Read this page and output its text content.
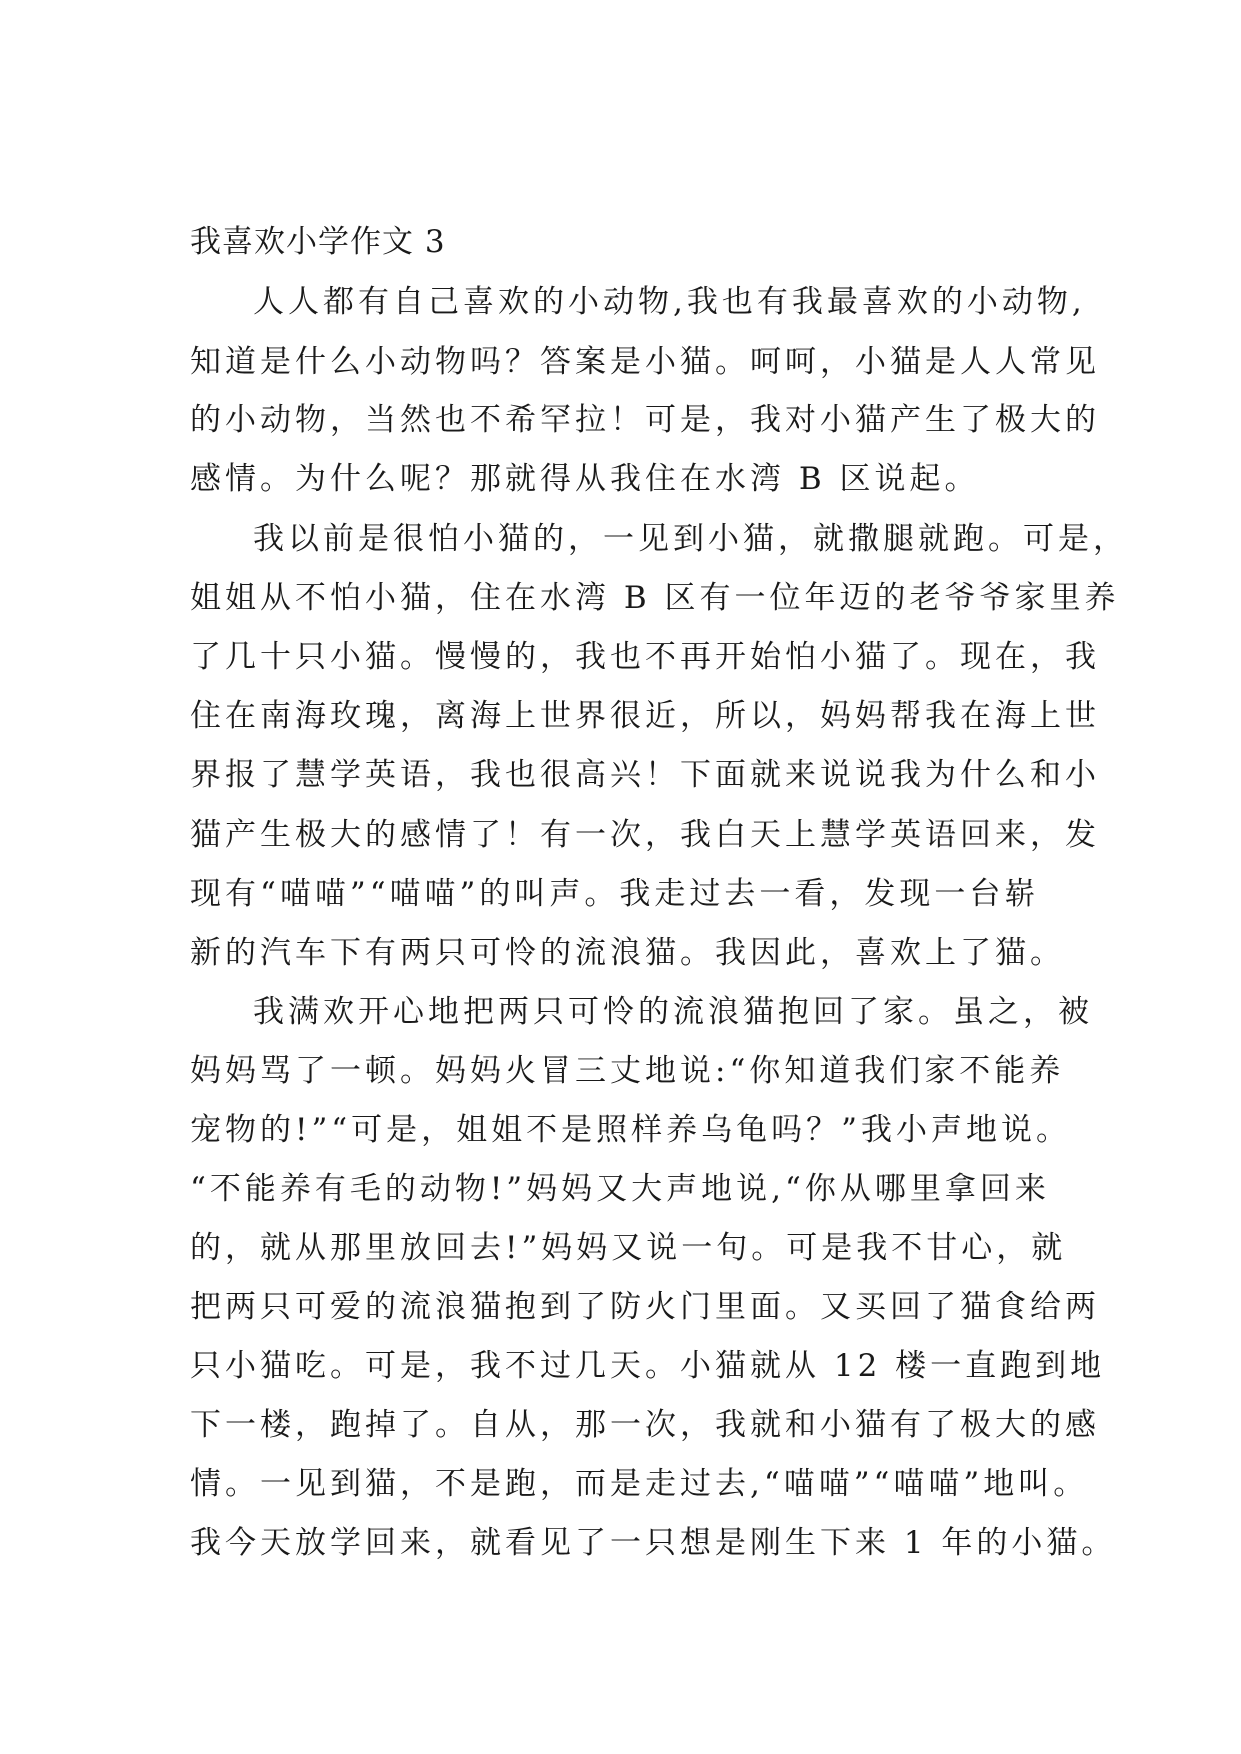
我喜欢小学作文 3
人人都有自己喜欢的小动物,我也有我最喜欢的小动物,
知道是什么小动物吗？答案是小猫。呵呵，小猫是人人常见
的小动物，当然也不希罕拉！可是，我对小猫产生了极大的
感情。为什么呢？那就得从我住在水湾 B 区说起。
我以前是很怕小猫的，一见到小猫，就撒腿就跑。可是，
姐姐从不怕小猫，住在水湾 B 区有一位年迈的老爷爷家里养
了几十只小猫。慢慢的，我也不再开始怕小猫了。现在，我
住在南海玫瑰，离海上世界很近，所以，妈妈帮我在海上世
界报了慧学英语，我也很高兴！下面就来说说我为什么和小
猫产生极大的感情了！有一次，我白天上慧学英语回来，发
现有“喵喵”“喵喵”的叫声。我走过去一看，发现一台崭
新的汽车下有两只可怜的流浪猫。我因此，喜欢上了猫。
我满欢开心地把两只可怜的流浪猫抱回了家。虽之，被
妈妈骂了一顿。妈妈火冒三丈地说:“你知道我们家不能养
宠物的!”“可是，姐姐不是照样养乌龟吗？”我小声地说。
“不能养有毛的动物!”妈妈又大声地说,“你从哪里拿回来
的，就从那里放回去!”妈妈又说一句。可是我不甘心，就
把两只可爱的流浪猫抱到了防火门里面。又买回了猫食给两
只小猫吃。可是，我不过几天。小猫就从 12 楼一直跑到地
下一楼，跑掉了。自从，那一次，我就和小猫有了极大的感
情。一见到猫，不是跑，而是走过去,“喵喵”“喵喵”地叫。
我今天放学回来，就看见了一只想是刚生下来 1 年的小猫。
